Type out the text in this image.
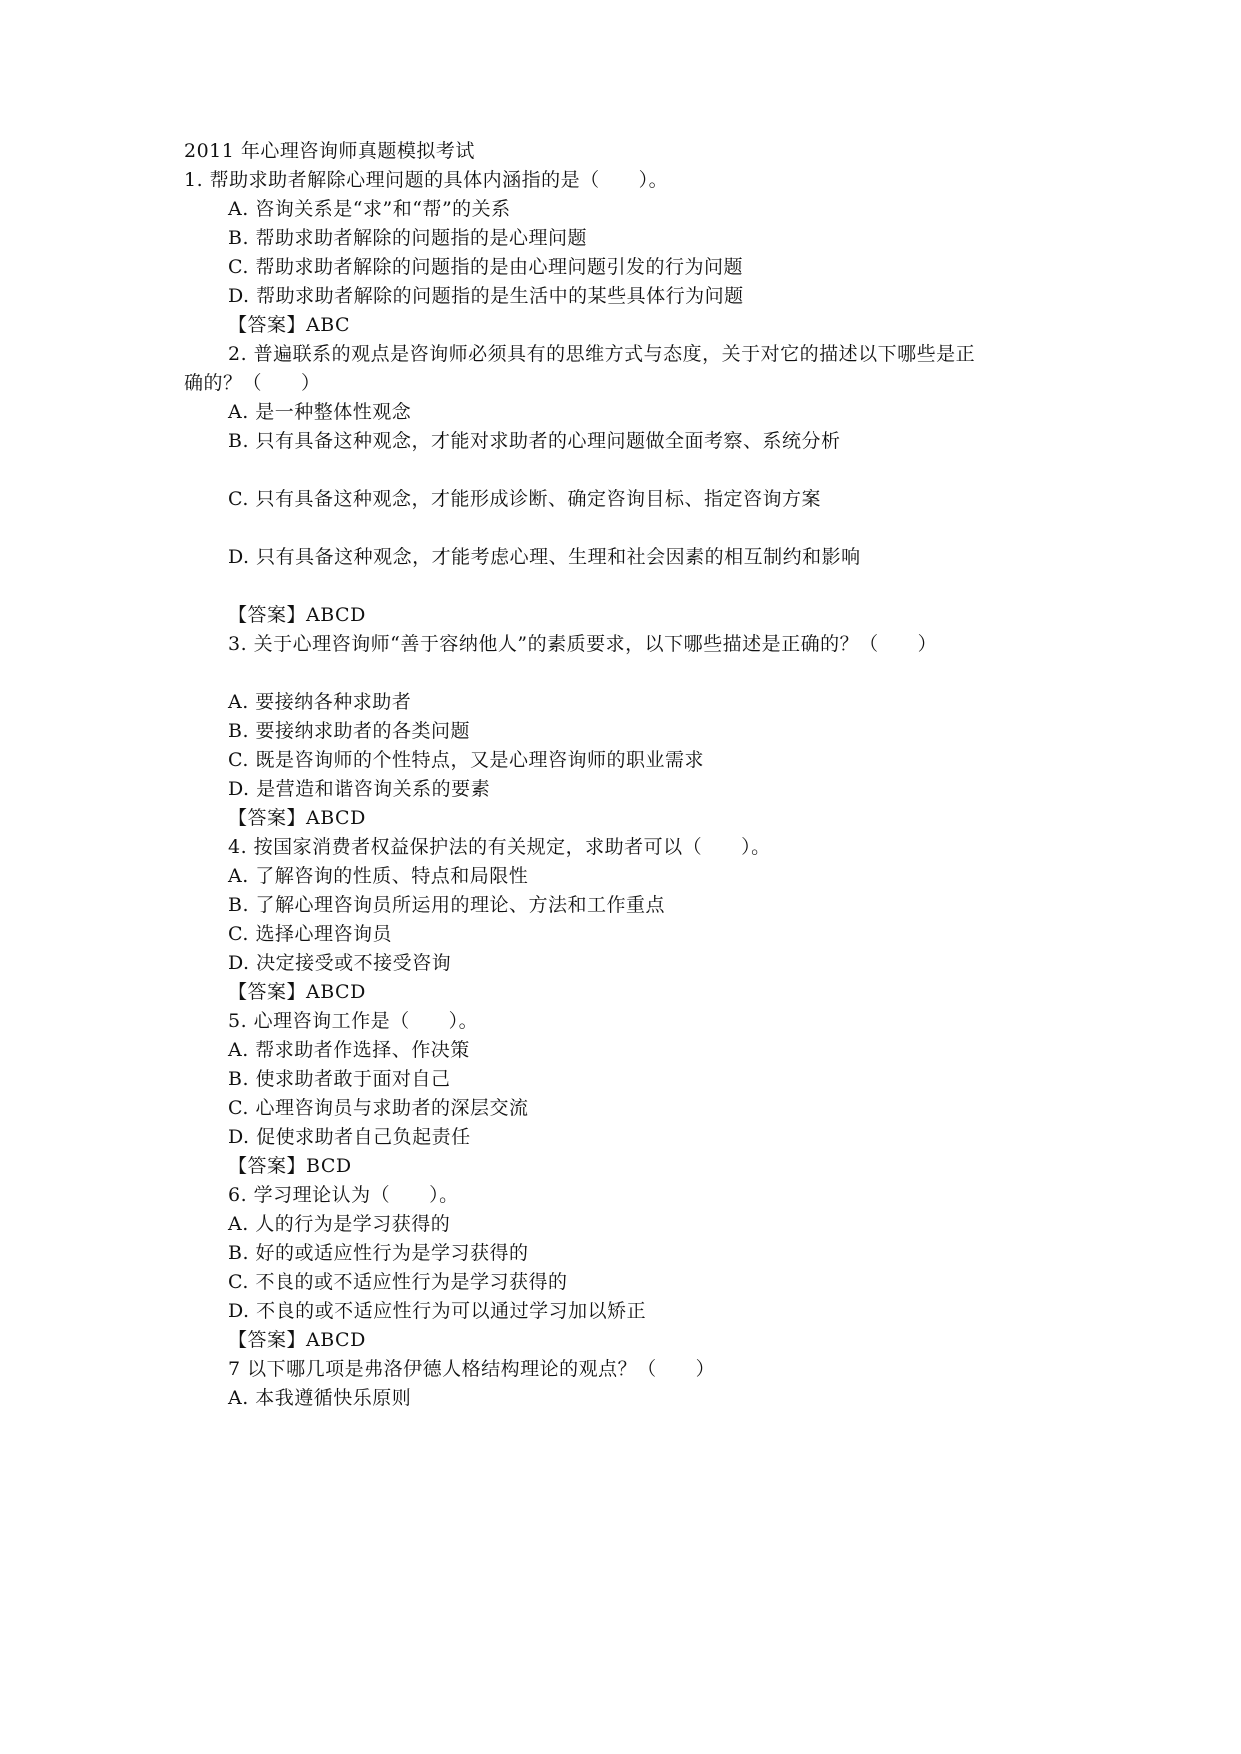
2011 年心理咨询师真题模拟考试
1. 帮助求助者解除心理问题的具体内涵指的是（　　）。
A. 咨询关系是“求”和“帮”的关系
B. 帮助求助者解除的问题指的是心理问题
C. 帮助求助者解除的问题指的是由心理问题引发的行为问题
D. 帮助求助者解除的问题指的是生活中的某些具体行为问题
【答案】ABC
2. 普遍联系的观点是咨询师必须具有的思维方式与态度，关于对它的描述以下哪些是正
确的？（　　）
A. 是一种整体性观念
B. 只有具备这种观念，才能对求助者的心理问题做全面考察、系统分析
C. 只有具备这种观念，才能形成诊断、确定咨询目标、指定咨询方案
D. 只有具备这种观念，才能考虑心理、生理和社会因素的相互制约和影响
【答案】ABCD
3. 关于心理咨询师“善于容纳他人”的素质要求，以下哪些描述是正确的？（　　）
A. 要接纳各种求助者
B. 要接纳求助者的各类问题
C. 既是咨询师的个性特点，又是心理咨询师的职业需求
D. 是营造和谐咨询关系的要素
【答案】ABCD
4. 按国家消费者权益保护法的有关规定，求助者可以（　　）。
A. 了解咨询的性质、特点和局限性
B. 了解心理咨询员所运用的理论、方法和工作重点
C. 选择心理咨询员
D. 决定接受或不接受咨询
【答案】ABCD
5. 心理咨询工作是（　　）。
A. 帮求助者作选择、作决策
B. 使求助者敢于面对自己
C. 心理咨询员与求助者的深层交流
D. 促使求助者自己负起责任
【答案】BCD
6. 学习理论认为（　　）。
A. 人的行为是学习获得的
B. 好的或适应性行为是学习获得的
C. 不良的或不适应性行为是学习获得的
D. 不良的或不适应性行为可以通过学习加以矫正
【答案】ABCD
7 以下哪几项是弗洛伊德人格结构理论的观点？（　　）
A. 本我遵循快乐原则
